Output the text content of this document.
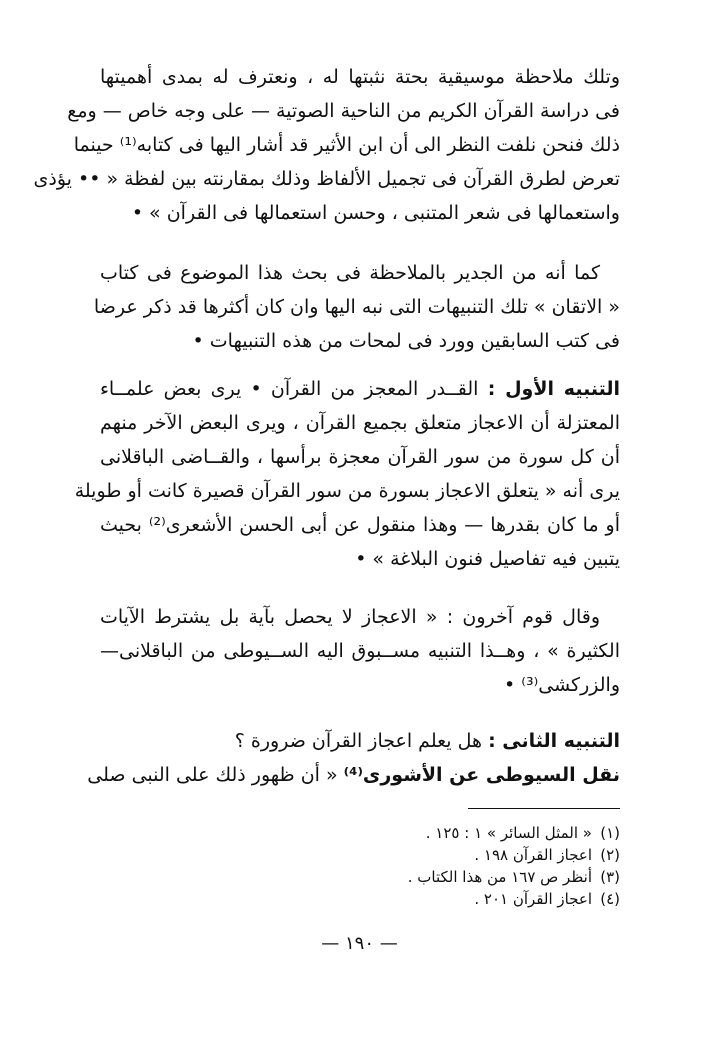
وتلك ملاحظة موسيقية بحتة نثبتها له ، ونعترف له بمدى أهميتها
فى دراسة القرآن الكريم من الناحية الصوتية — على وجه خاص — ومع
ذلك فنحن نلفت النظر الى أن ابن الأثير قد أشار اليها فى كتابه⁽¹⁾ حينما
تعرض لطرق القرآن فى تجميل الألفاظ وذلك بمقارنته بين لفظة « •• يؤذى
واستعمالها فى شعر المتنبى ، وحسن استعمالها فى القرآن » •
كما أنه من الجدير بالملاحظة فى بحث هذا الموضوع فى كتاب
« الاتقان » تلك التنبيهات التى نبه اليها وان كان أكثرها قد ذكر عرضا
فى كتب السابقين وورد فى لمحات من هذه التنبيهات •
التنبيه الأول : القــدر المعجز من القرآن • يرى بعض علمــاء
المعتزلة أن الاعجاز متعلق بجميع القرآن ، ويرى البعض الآخر منهم
أن كل سورة من سور القرآن معجزة برأسها ، والقــاضى الباقلانى
يرى أنه « يتعلق الاعجاز بسورة من سور القرآن قصيرة كانت أو طويلة
أو ما كان بقدرها — وهذا منقول عن أبى الحسن الأشعرى⁽²⁾ بحيث
يتبين فيه تفاصيل فنون البلاغة » •
وقال قوم آخرون : « الاعجاز لا يحصل بآية بل يشترط الآيات
الكثيرة » ، وهــذا التنبيه مســبوق اليه الســيوطى من الباقلانى—
والزركشى⁽³⁾ •
التنبيه الثانى : هل يعلم اعجاز القرآن ضرورة ؟
نقل السيوطى عن الأشورى⁽⁴⁾ « أن ظهور ذلك على النبى صلى
(١)« المثل السائر » ١ : ١٢٥ .
(٢)اعجاز القرآن ١٩٨ .
(٣)أنظر ص ١٦٧ من هذا الكتاب .
(٤)اعجاز القرآن ٢٠١ .
— ١٩٠ —
